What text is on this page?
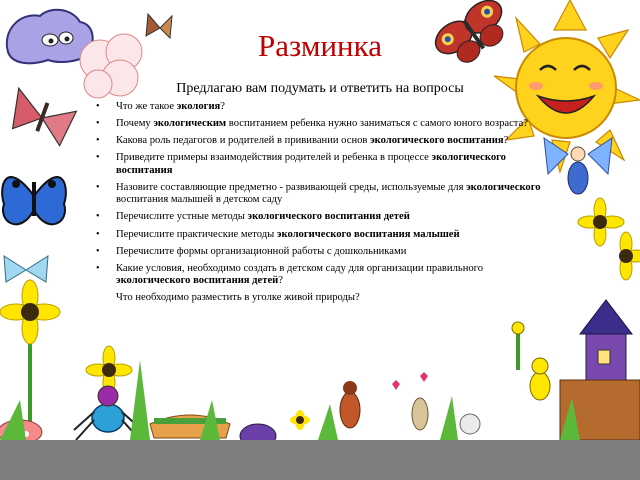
Разминка
Предлагаю вам подумать и ответить на вопросы
• Что же такое экология?
• Почему экологическим воспитанием ребенка нужно заниматься с самого юного возраста?
• Какова роль педагогов и родителей в прививании основ экологического воспитания?
• Приведите примеры взаимодействия родителей и ребенка в процессе экологического воспитания
• Назовите составляющие предметно - развивающей среды, используемые для экологического воспитания малышей в детском саду
• Перечислите устные методы экологического воспитания детей
• Перечислите практические методы экологического воспитания малышей
• Перечислите формы организационной работы с дошкольниками
• Какие условия, необходимо создать в детском саду для организации правильного экологического воспитания детей?
Что необходимо разместить в уголке живой природы?
